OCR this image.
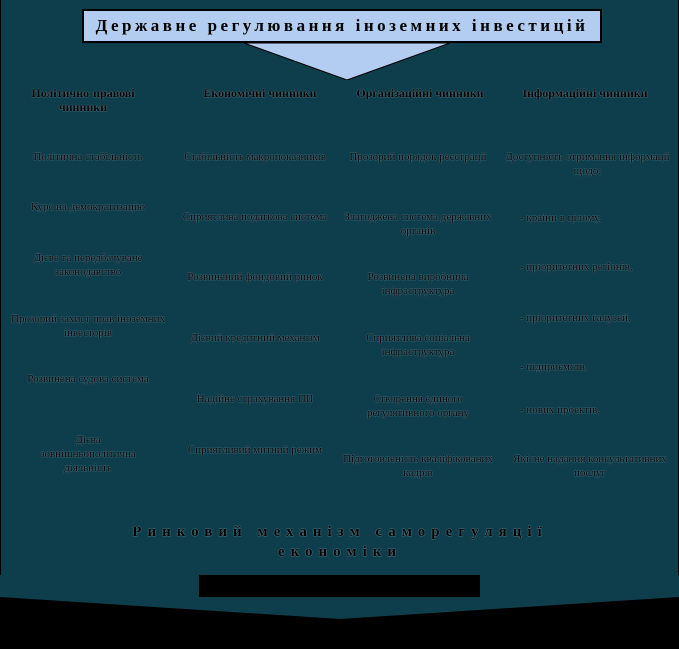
Державне регулювання іноземних інвестицій
Політично-правові чинники
Економічні чинники	Організаційні чинники	Інформаційні чинники
Політична стабільність
Курс на демократизацію
Дієве та передбачуване законодавство
Прозорий захист прав іноземних інвесторів
Розвинена судова система
Дієва зовнішньополітична діяльність
Стабільність макропоказників
Сприятлива податкова система
Розвинений фондовий ринок
Дієвий кредитний механізм
Надійне страхування ПІІ
Сприятливий митний режим
Прозорий порядок реєстрації
Злагоджена система державних органів
Розвинена виробнича інфраструктура
Сприятлива соціальна інфраструктура
Створення єдиного регулятивного органу
Підготовленість кваліфікованих кадрів
Доступність отримання інформації щодо:
- країни в цілому,
- пріоритетних регіонів,
- пріоритетних галузей,
- підприємств,
- нових проектів.
Якісне надання консультативних послуг
Ринковий механізм саморегуляції економіки
